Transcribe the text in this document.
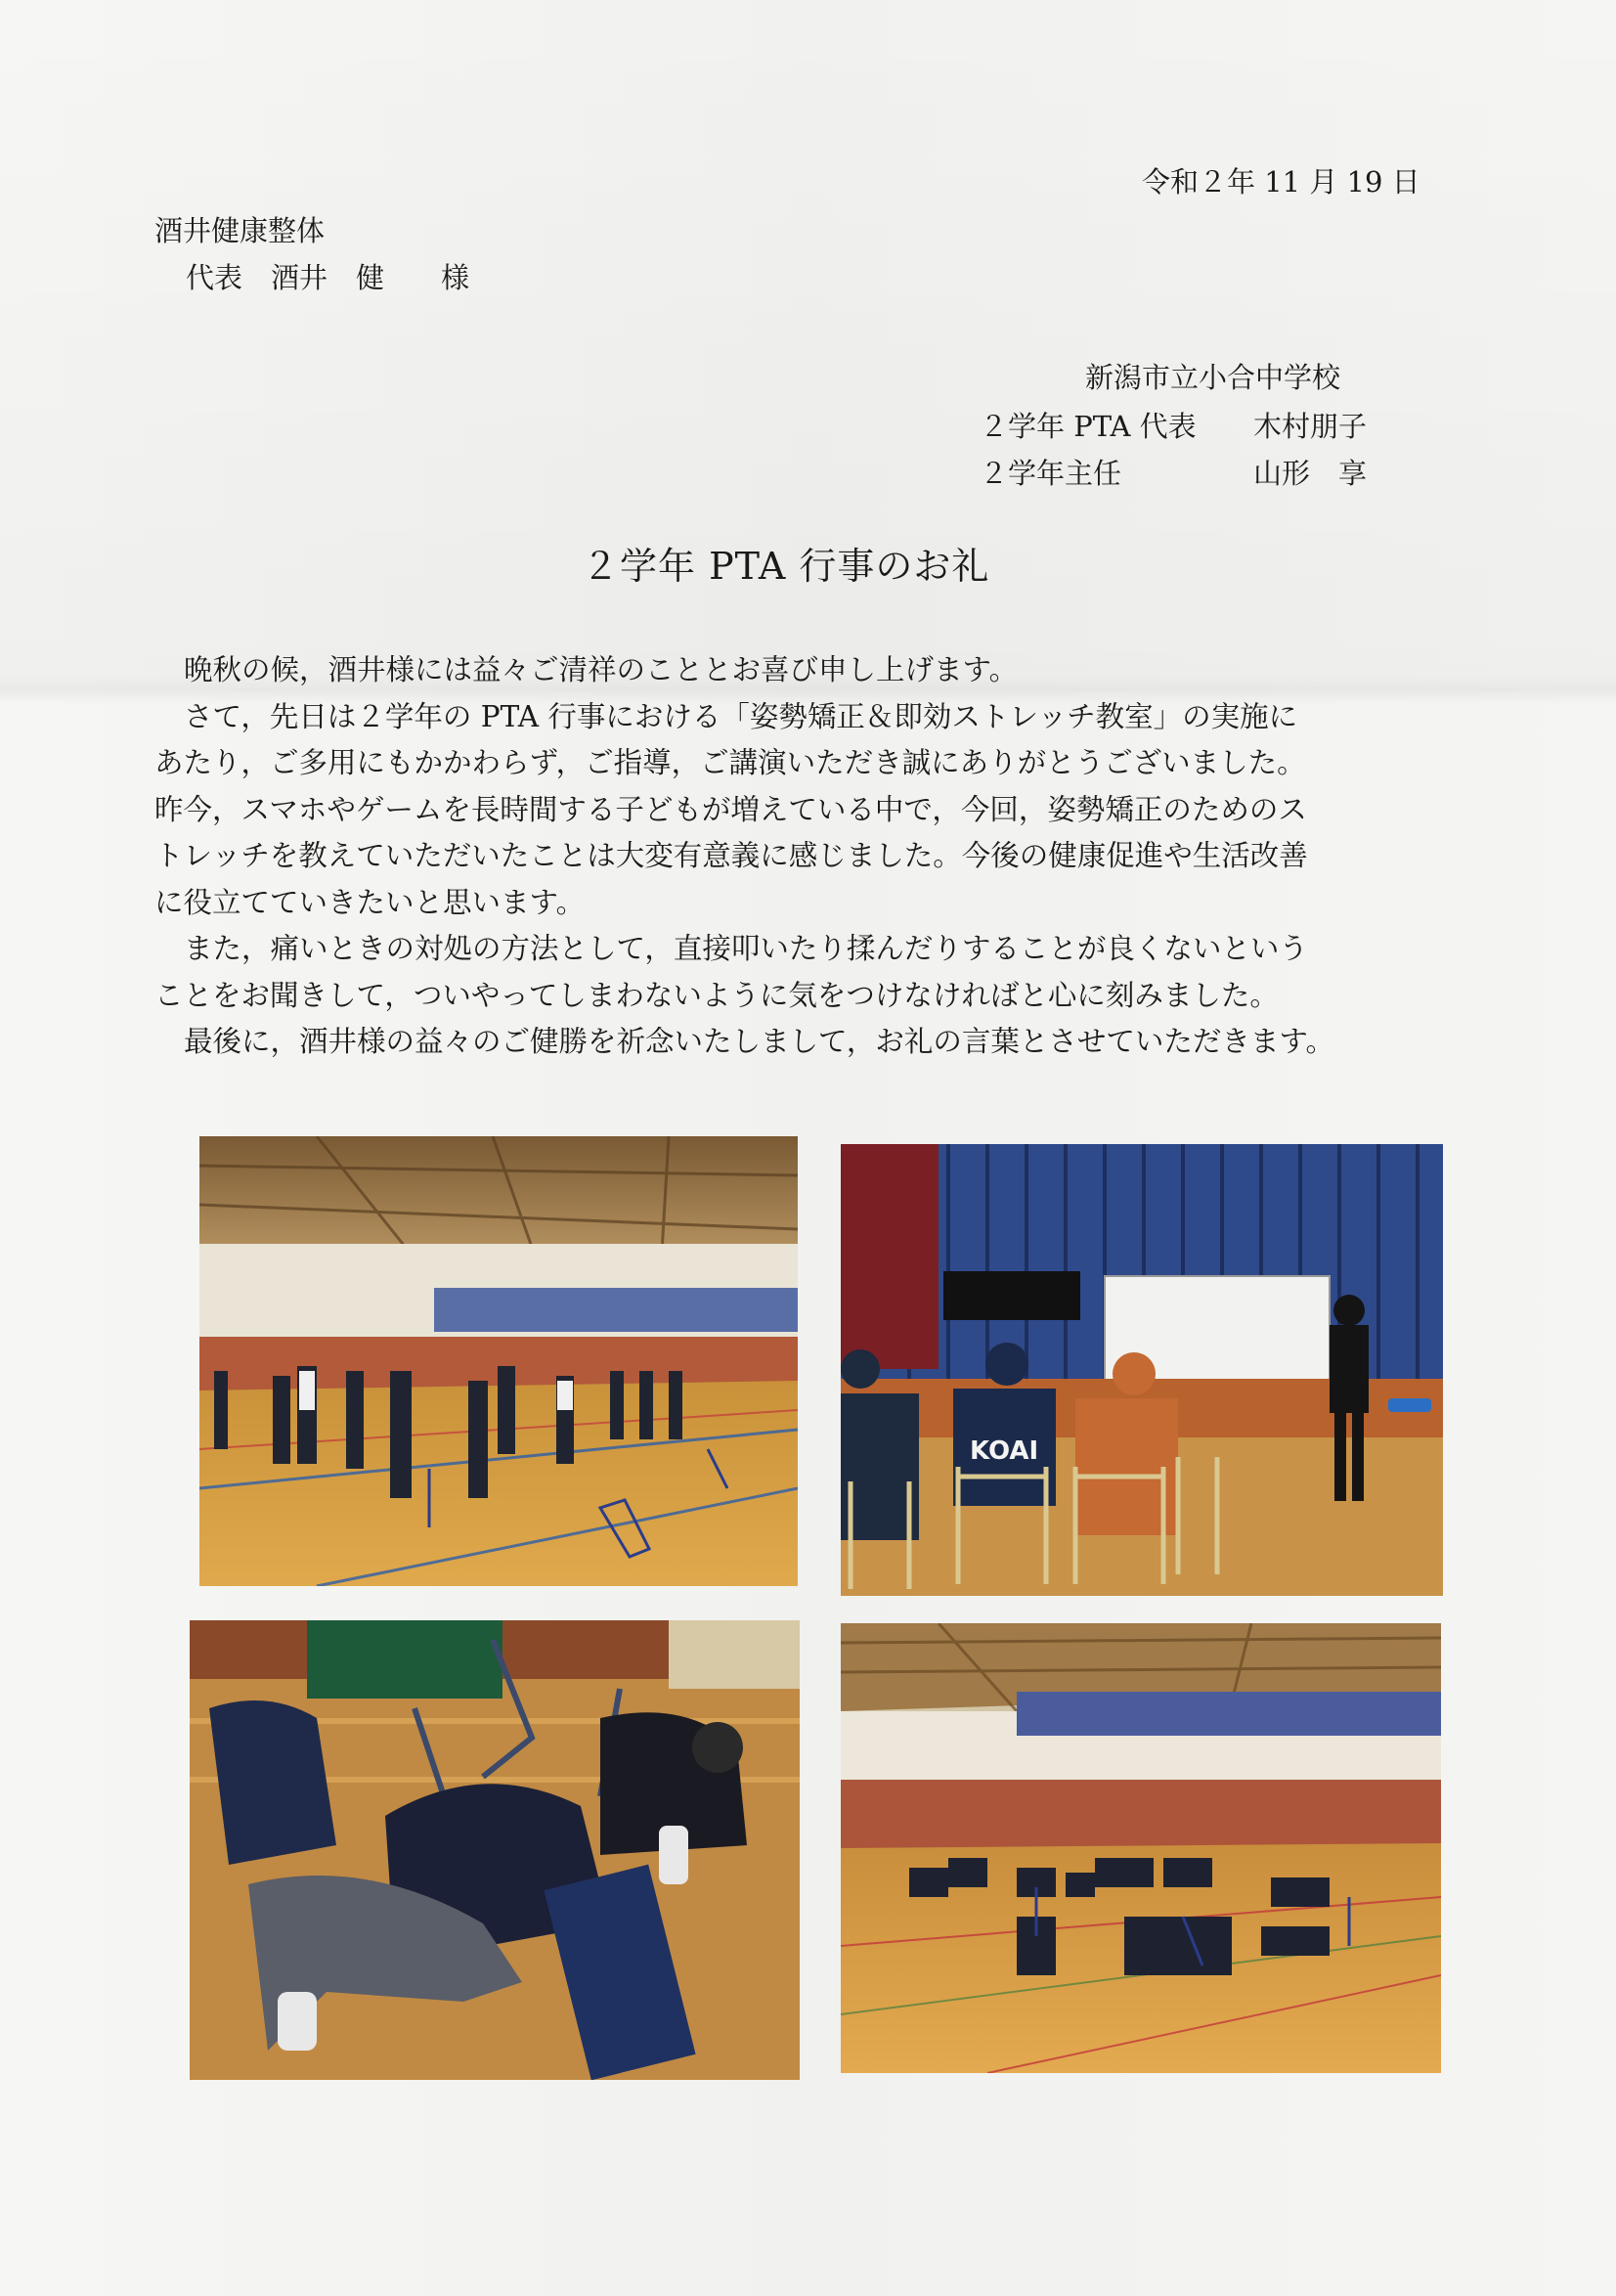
令和２年 11 月 19 日
酒井健康整体
代表　酒井　健　　様
新潟市立小合中学校
２学年 PTA 代表 木村朋子
２学年主任	山形　享
２学年 PTA 行事のお礼

晩秋の候，酒井様には益々ご清祥のこととお喜び申し上げます。

さて，先日は２学年の PTA 行事における「姿勢矯正＆即効ストレッチ教室」の実施に

あたり，ご多用にもかかわらず，ご指導，ご講演いただき誠にありがとうございました。

昨今，スマホやゲームを長時間する子どもが増えている中で，今回，姿勢矯正のためのス

トレッチを教えていただいたことは大変有意義に感じました。今後の健康促進や生活改善

に役立てていきたいと思います。

また，痛いときの対処の方法として，直接叩いたり揉んだりすることが良くないという

ことをお聞きして，ついやってしまわないように気をつけなければと心に刻みました。

最後に，酒井様の益々のご健勝を祈念いたしまして，お礼の言葉とさせていただきます。

KOAI
